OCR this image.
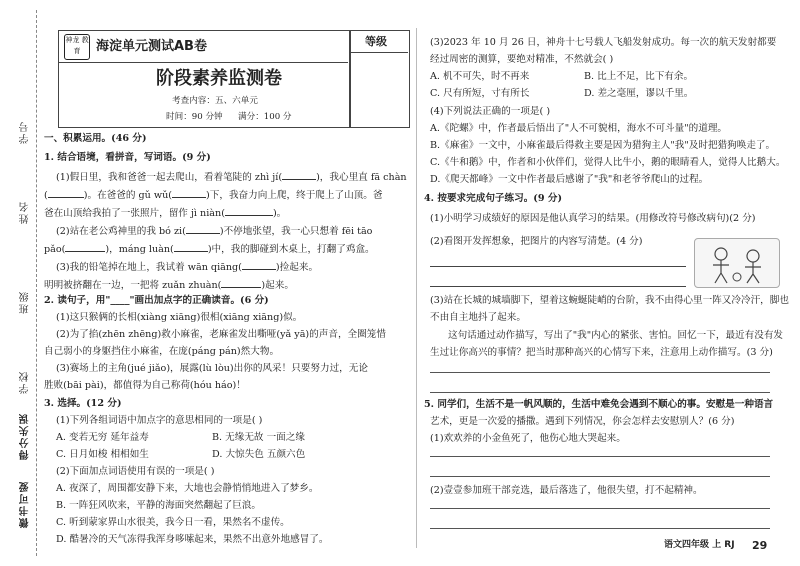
学校
班级
姓名
学号
得分失误
微书可爱
神龙 教育	海淀单元测试AB卷	等级
阶段素养监测卷
考查内容：五、六单元
时间：90 分钟 满分：100 分
一、积累运用。(46 分)
1. 结合语境，看拼音，写词语。(9 分)
(1)假日里，我和爸爸一起去爬山，看着笔陡的 zhì jí(	)，我心里直 fā chàn
(	)。在爸爸的 gǔ wǔ(	)下，我奋力向上爬，终于爬上了山顶。爸
爸在山顶给我拍了一张照片，留作 jì niàn(	)。
(2)站在老公鸡神里的我 bó zi(	)不停地张望，我一心只想着 fēi tāo
pǎo(	)，máng luàn(	)中，我的脚碰到木桌上，打翻了鸡盒。
(3)我的铅笔掉在地上，我试着 wān qiāng(	)捡起来。
明明被挤翻在一边，一把将 zuǎn zhuàn(	)起来。
2. 读句子，用"____"画出加点字的正确读音。(6 分)
(1)这只猴俩的长相(xiàng xiāng)很相(xiāng xiāng)似。
(2)为了掐(zhēn zhēng)救小麻雀，老麻雀发出嘶哑(yǎ yā)的声音，全圈笼惜
自己弱小的身躯挡住小麻雀，在庞(páng pán)然大物。
(3)赛场上的主角(jué jiǎo)，展露(lù lòu)出你的风采！只要努力过，无论
胜败(bāi pài)，都值得为自己称荷(hóu háo)！
3. 选择。(12 分)
(1)下列各组词语中加点字的意思相同的一项是( )
A. 变若无穷 延年益寿	B. 无缘无故 一面之缘
C. 日月如梭 相相如生	D. 大惊失色 五颜六色
(2)下面加点词语使用有误的一项是( )
A. 夜深了，周围都安静下来，大地也会静悄悄地进入了梦乡。
B. 一阵狂风吹来，平静的海面突然翻起了巨浪。
C. 听到蒙家界山水很美，我今日一看，果然名不虚传。
D. 酷暑冷的天气冻得我浑身哆嗦起来，果然不出意外地感冒了。
(3)2023 年 10 月 26 日，神舟十七号载人飞船发射成功。每一次的航天发射都要
经过周密的测算，要绝对精准，不然就会( )
A. 机不可失，时不再来	B. 比上不足，比下有余。
C. 尺有所短，寸有所长	D. 差之毫厘，谬以千里。
(4)下列说法正确的一项是( )
A.《陀螺》中，作者最后悟出了"人不可貌相，海水不可斗量"的道理。
B.《麻雀》一文中，小麻雀最后得救主要是因为猎狗主人"我"及时把猎狗唤走了。
C.《牛和鹅》中，作者和小伙伴们，觉得人比牛小，鹅的眼睛看人，觉得人比鹅大。
D.《爬天都峰》一文中作者最后感谢了"我"和老爷爷爬山的过程。
4. 按要求完成句子练习。(9 分)
(1)小明学习成绩好的原因是他认真学习的结果。(用修改符号修改病句)(2 分)
(2)看图开发挥想象，把图片的内容写清楚。(4 分)
(3)站在长城的城墙脚下，望着这蜿蜒陡峭的台阶，我不由得心里一阵又冷冷汗，脚也
不由自主地抖了起来。
这句话通过动作描写，写出了"我"内心的紧张、害怕。回忆一下，最近有没有发
生过让你高兴的事情？把当时那种高兴的心情写下来，注意用上动作描写。(3 分)
5. 同学们，生活不是一帆风顺的，生活中难免会遇到不顺心的事。安慰是一种语言
艺术，更是一次爱的播撒。遇到下列情况，你会怎样去安慰别人？(6 分)
(1)欢欢养的小金鱼死了，他伤心地大哭起来。
(2)壹壹参加班干部竞选，最后落选了，他很失望，打不起精神。
语文四年级 上 RJ 29
